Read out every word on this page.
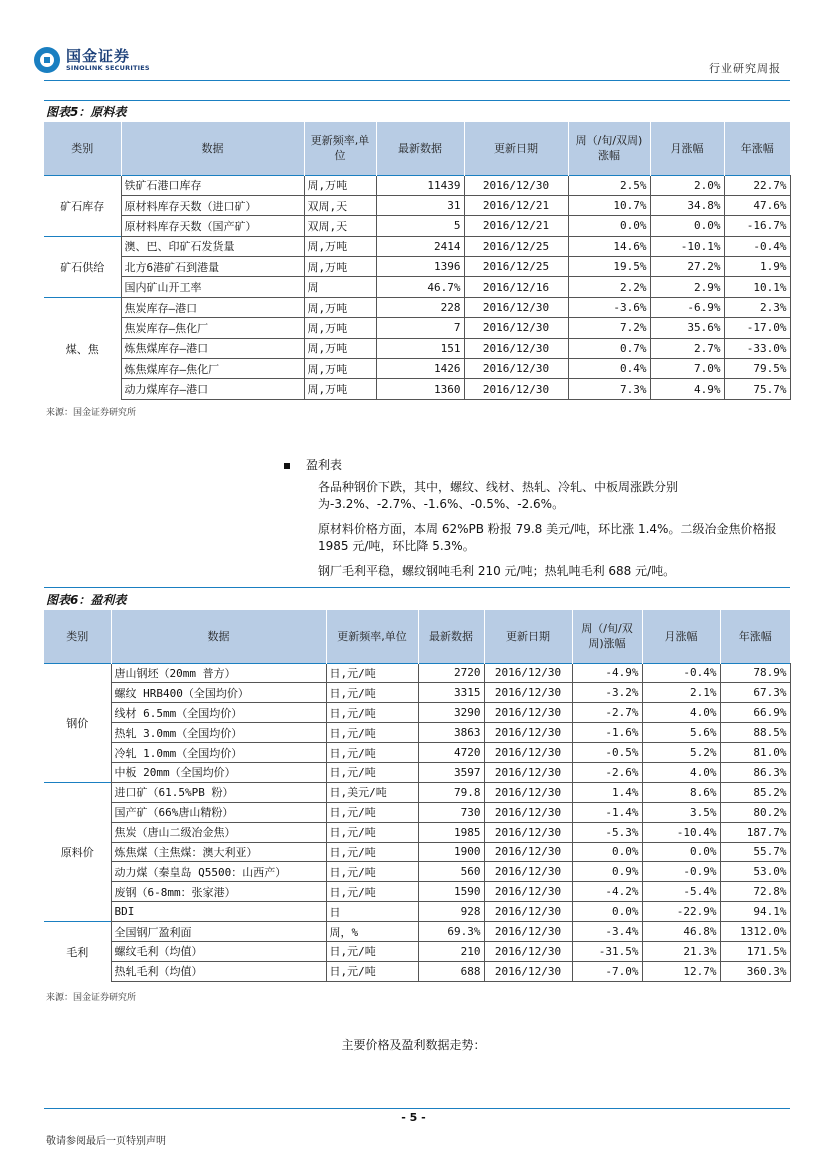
国金证券
SINOLINK SECURITIES	行业研究周报
图表5：原料表
类别	数据	更新频率,单位	最新数据	更新日期	周（/旬/双周)涨幅	月涨幅	年涨幅
矿石库存	铁矿石港口库存	周,万吨	11439	2016/12/30	2.5%	2.0%	22.7%
	原材料库存天数（进口矿）	双周,天	31	2016/12/21	10.7%	34.8%	47.6%
	原材料库存天数（国产矿）	双周,天	5	2016/12/21	0.0%	0.0%	-16.7%
矿石供给	澳、巴、印矿石发货量	周,万吨	2414	2016/12/25	14.6%	-10.1%	-0.4%
	北方6港矿石到港量	周,万吨	1396	2016/12/25	19.5%	27.2%	1.9%
	国内矿山开工率	周	46.7%	2016/12/16	2.2%	2.9%	10.1%
煤、焦	焦炭库存—港口	周,万吨	228	2016/12/30	-3.6%	-6.9%	2.3%
	焦炭库存—焦化厂	周,万吨	7	2016/12/30	7.2%	35.6%	-17.0%
	炼焦煤库存—港口	周,万吨	151	2016/12/30	0.7%	2.7%	-33.0%
	炼焦煤库存—焦化厂	周,万吨	1426	2016/12/30	0.4%	7.0%	79.5%
	动力煤库存—港口	周,万吨	1360	2016/12/30	7.3%	4.9%	75.7%
来源：国金证券研究所
盈利表
各品种钢价下跌，其中，螺纹、线材、热轧、冷轧、中板周涨跌分别为-3.2%、-2.7%、-1.6%、-0.5%、-2.6%。
原材料价格方面，本周 62%PB 粉报 79.8 美元/吨，环比涨 1.4%。二级冶金焦价格报 1985 元/吨，环比降 5.3%。
钢厂毛利平稳，螺纹钢吨毛利 210 元/吨；热轧吨毛利 688 元/吨。
图表6：盈利表
类别	数据	更新频率,单位	最新数据	更新日期	周（/旬/双周)涨幅	月涨幅	年涨幅
钢价	唐山钢坯（20mm 普方）	日,元/吨	2720	2016/12/30	-4.9%	-0.4%	78.9%
	螺纹 HRB400（全国均价）	日,元/吨	3315	2016/12/30	-3.2%	2.1%	67.3%
	线材 6.5mm（全国均价）	日,元/吨	3290	2016/12/30	-2.7%	4.0%	66.9%
	热轧 3.0mm（全国均价）	日,元/吨	3863	2016/12/30	-1.6%	5.6%	88.5%
	冷轧 1.0mm（全国均价）	日,元/吨	4720	2016/12/30	-0.5%	5.2%	81.0%
	中板 20mm（全国均价）	日,元/吨	3597	2016/12/30	-2.6%	4.0%	86.3%
原料价	进口矿（61.5%PB 粉）	日,美元/吨	79.8	2016/12/30	1.4%	8.6%	85.2%
	国产矿（66%唐山精粉）	日,元/吨	730	2016/12/30	-1.4%	3.5%	80.2%
	焦炭（唐山二级冶金焦）	日,元/吨	1985	2016/12/30	-5.3%	-10.4%	187.7%
	炼焦煤（主焦煤：澳大利亚）	日,元/吨	1900	2016/12/30	0.0%	0.0%	55.7%
	动力煤（秦皇岛 Q5500：山西产）	日,元/吨	560	2016/12/30	0.9%	-0.9%	53.0%
	废钢（6-8mm：张家港）	日,元/吨	1590	2016/12/30	-4.2%	-5.4%	72.8%
	BDI	日	928	2016/12/30	0.0%	-22.9%	94.1%
毛利	全国钢厂盈利面	周，%	69.3%	2016/12/30	-3.4%	46.8%	1312.0%
	螺纹毛利（均值）	日,元/吨	210	2016/12/30	-31.5%	21.3%	171.5%
	热轧毛利（均值）	日,元/吨	688	2016/12/30	-7.0%	12.7%	360.3%
来源：国金证券研究所
主要价格及盈利数据走势：
- 5 -
敬请参阅最后一页特别声明
